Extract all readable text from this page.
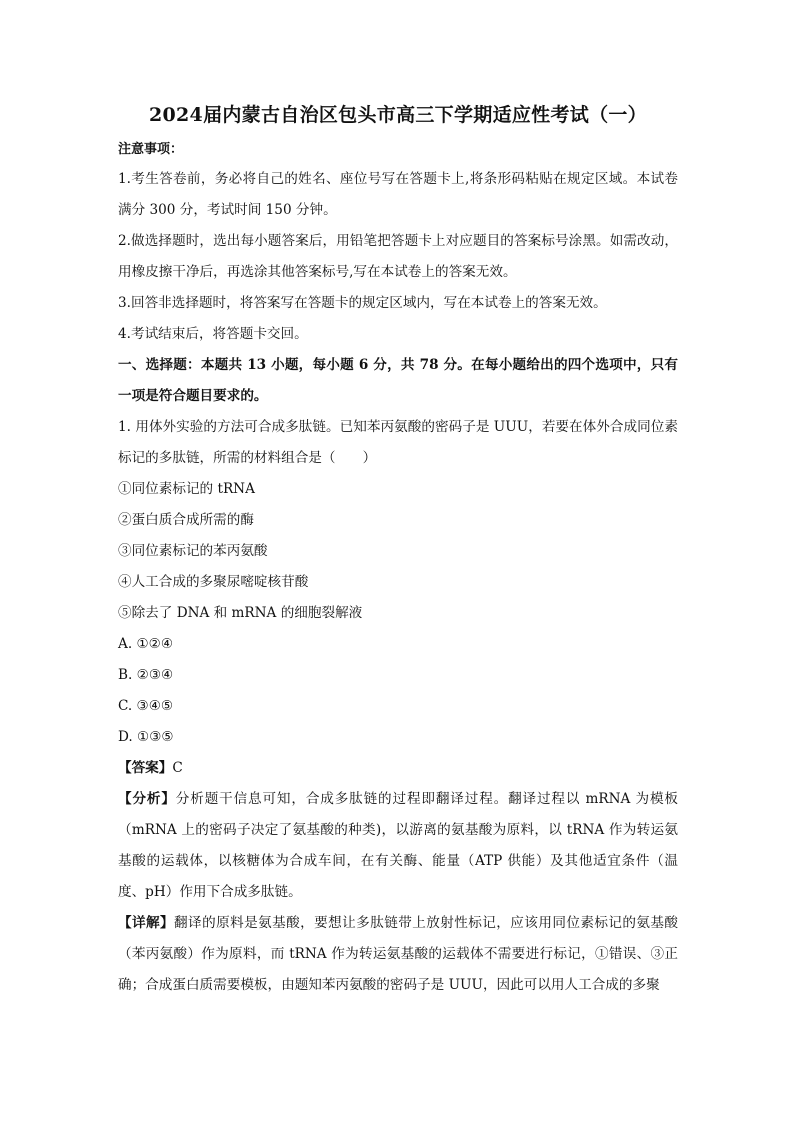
2024届内蒙古自治区包头市高三下学期适应性考试（一）
注意事项：

1.考生答卷前，务必将自己的姓名、座位号写在答题卡上,将条形码粘贴在规定区域。本试卷满分 300 分，考试时间 150 分钟。

2.做选择题时，选出每小题答案后，用铅笔把答题卡上对应题目的答案标号涂黑。如需改动，用橡皮擦干净后，再选涂其他答案标号,写在本试卷上的答案无效。

3.回答非选择题时，将答案写在答题卡的规定区域内，写在本试卷上的答案无效。

4.考试结束后，将答题卡交回。

一、选择题：本题共 13 小题，每小题 6 分，共 78 分。在每小题给出的四个选项中，只有一项是符合题目要求的。

1. 用体外实验的方法可合成多肽链。已知苯丙氨酸的密码子是 UUU，若要在体外合成同位素标记的多肽链，所需的材料组合是（　　）

①同位素标记的 tRNA
②蛋白质合成所需的酶
③同位素标记的苯丙氨酸
④人工合成的多聚尿嘧啶核苷酸
⑤除去了 DNA 和 mRNA 的细胞裂解液
A. ①②④
B. ②③④
C. ③④⑤
D. ①③⑤
【答案】C

【分析】分析题干信息可知，合成多肽链的过程即翻译过程。翻译过程以 mRNA 为模板（mRNA 上的密码子决定了氨基酸的种类)，以游离的氨基酸为原料，以 tRNA 作为转运氨基酸的运载体，以核糖体为合成车间，在有关酶、能量（ATP 供能）及其他适宜条件（温度、pH）作用下合成多肽链。

【详解】翻译的原料是氨基酸，要想让多肽链带上放射性标记，应该用同位素标记的氨基酸（苯丙氨酸）作为原料，而 tRNA 作为转运氨基酸的运载体不需要进行标记，①错误、③正确；合成蛋白质需要模板，由题知苯丙氨酸的密码子是 UUU，因此可以用人工合成的多聚
